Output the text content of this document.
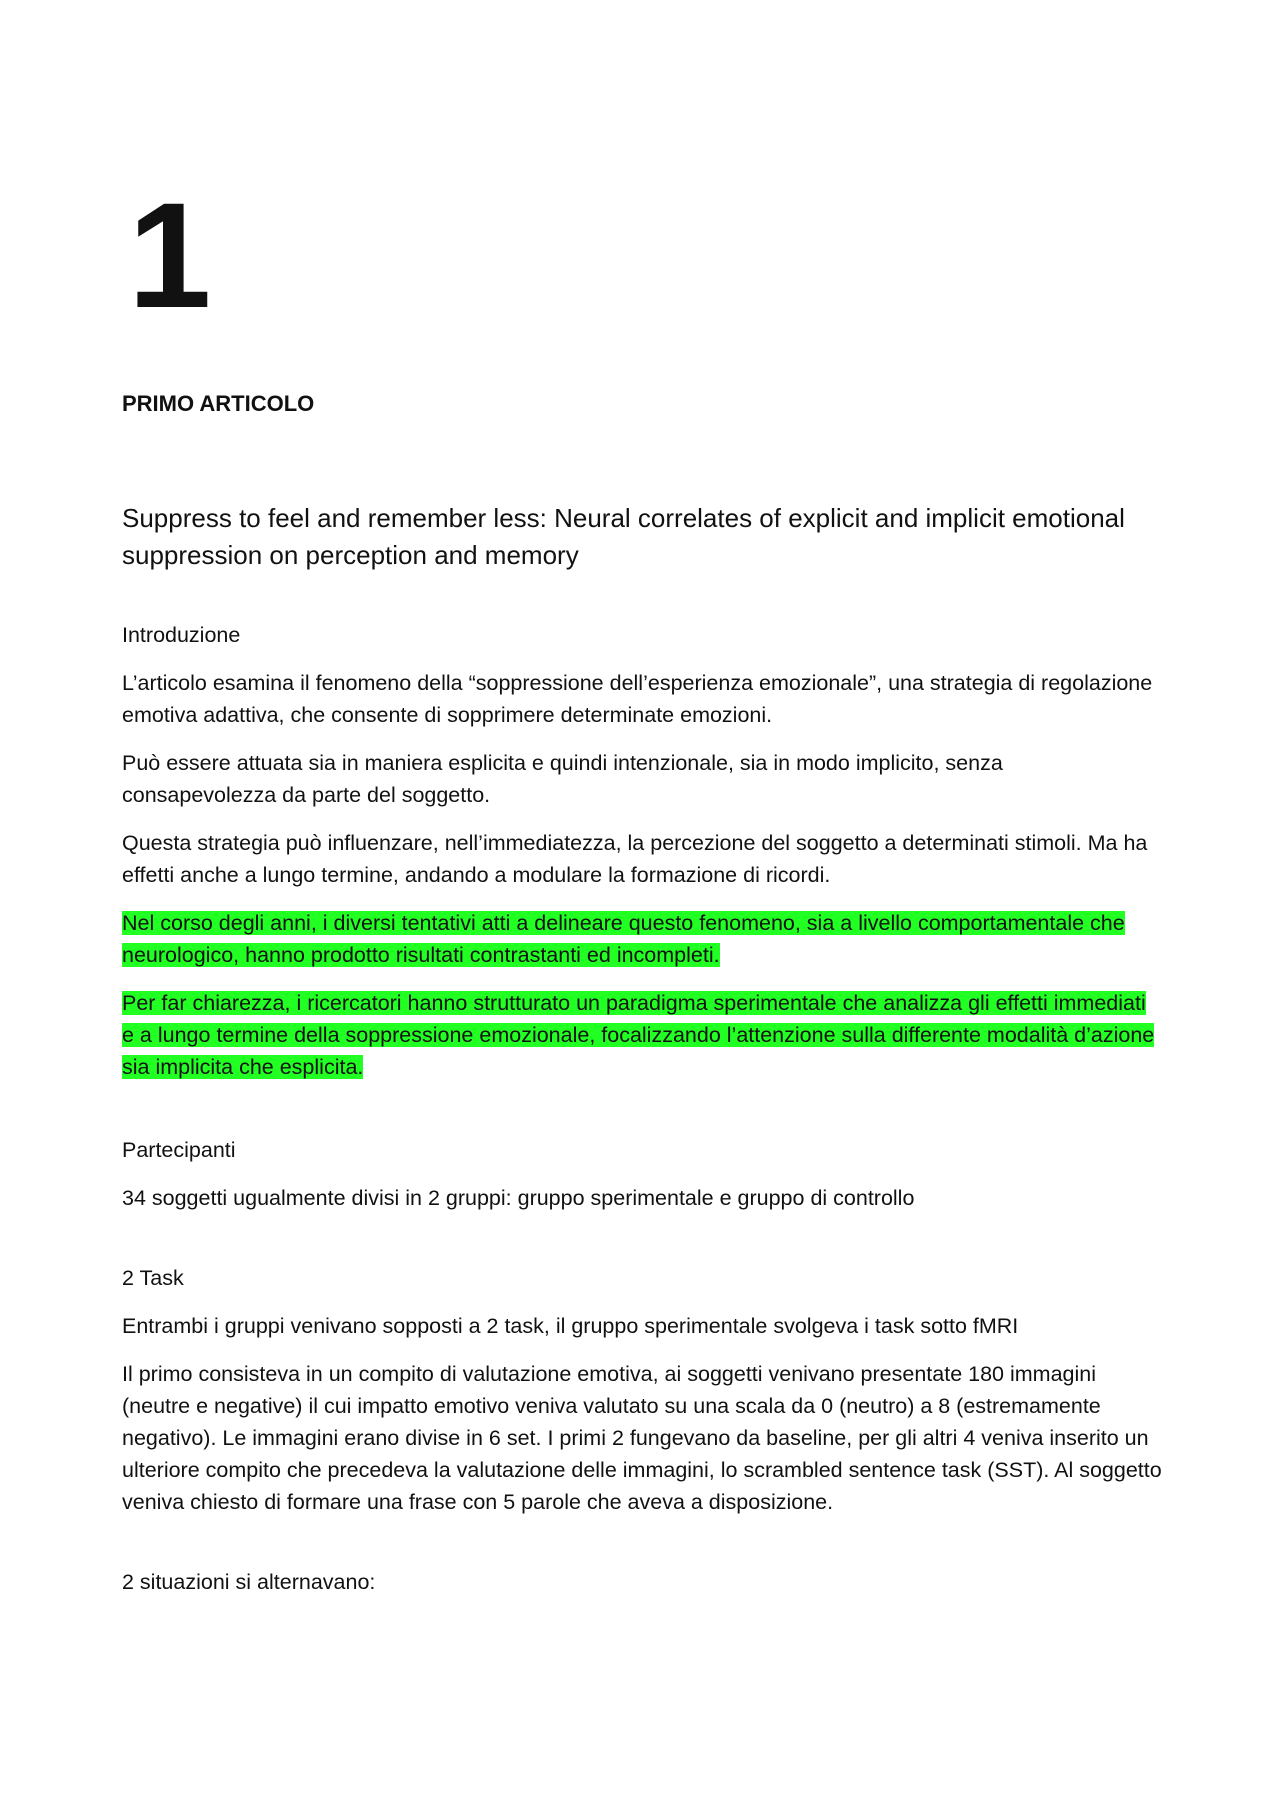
1

PRIMO ARTICOLO

Suppress to feel and remember less: Neural correlates of explicit and implicit emotional suppression on perception and memory

Introduzione

L’articolo esamina il fenomeno della “soppressione dell’esperienza emozionale”, una strategia di regolazione emotiva adattiva, che consente di sopprimere determinate emozioni.

Può essere attuata sia in maniera esplicita e quindi intenzionale, sia in modo implicito, senza consapevolezza da parte del soggetto.

Questa strategia può influenzare, nell’immediatezza, la percezione del soggetto a determinati stimoli. Ma ha effetti anche a lungo termine, andando a modulare la formazione di ricordi.

Nel corso degli anni, i diversi tentativi atti a delineare questo fenomeno, sia a livello comportamentale che neurologico, hanno prodotto risultati contrastanti ed incompleti.

Per far chiarezza, i ricercatori hanno strutturato un paradigma sperimentale che analizza gli effetti immediati e a lungo termine della soppressione emozionale, focalizzando l’attenzione sulla differente modalità d’azione sia implicita che esplicita.

Partecipanti

34 soggetti ugualmente divisi in 2 gruppi: gruppo sperimentale e gruppo di controllo

2 Task

Entrambi i gruppi venivano sopposti a 2 task, il gruppo sperimentale svolgeva i task sotto fMRI

Il primo consisteva in un compito di valutazione emotiva, ai soggetti venivano presentate 180 immagini (neutre e negative) il cui impatto emotivo veniva valutato su una scala da 0 (neutro) a 8 (estremamente negativo). Le immagini erano divise in 6 set. I primi 2 fungevano da baseline, per gli altri 4 veniva inserito un ulteriore compito che precedeva la valutazione delle immagini, lo scrambled sentence task (SST). Al soggetto veniva chiesto di formare una frase con 5 parole che aveva a disposizione.

2 situazioni si alternavano:
